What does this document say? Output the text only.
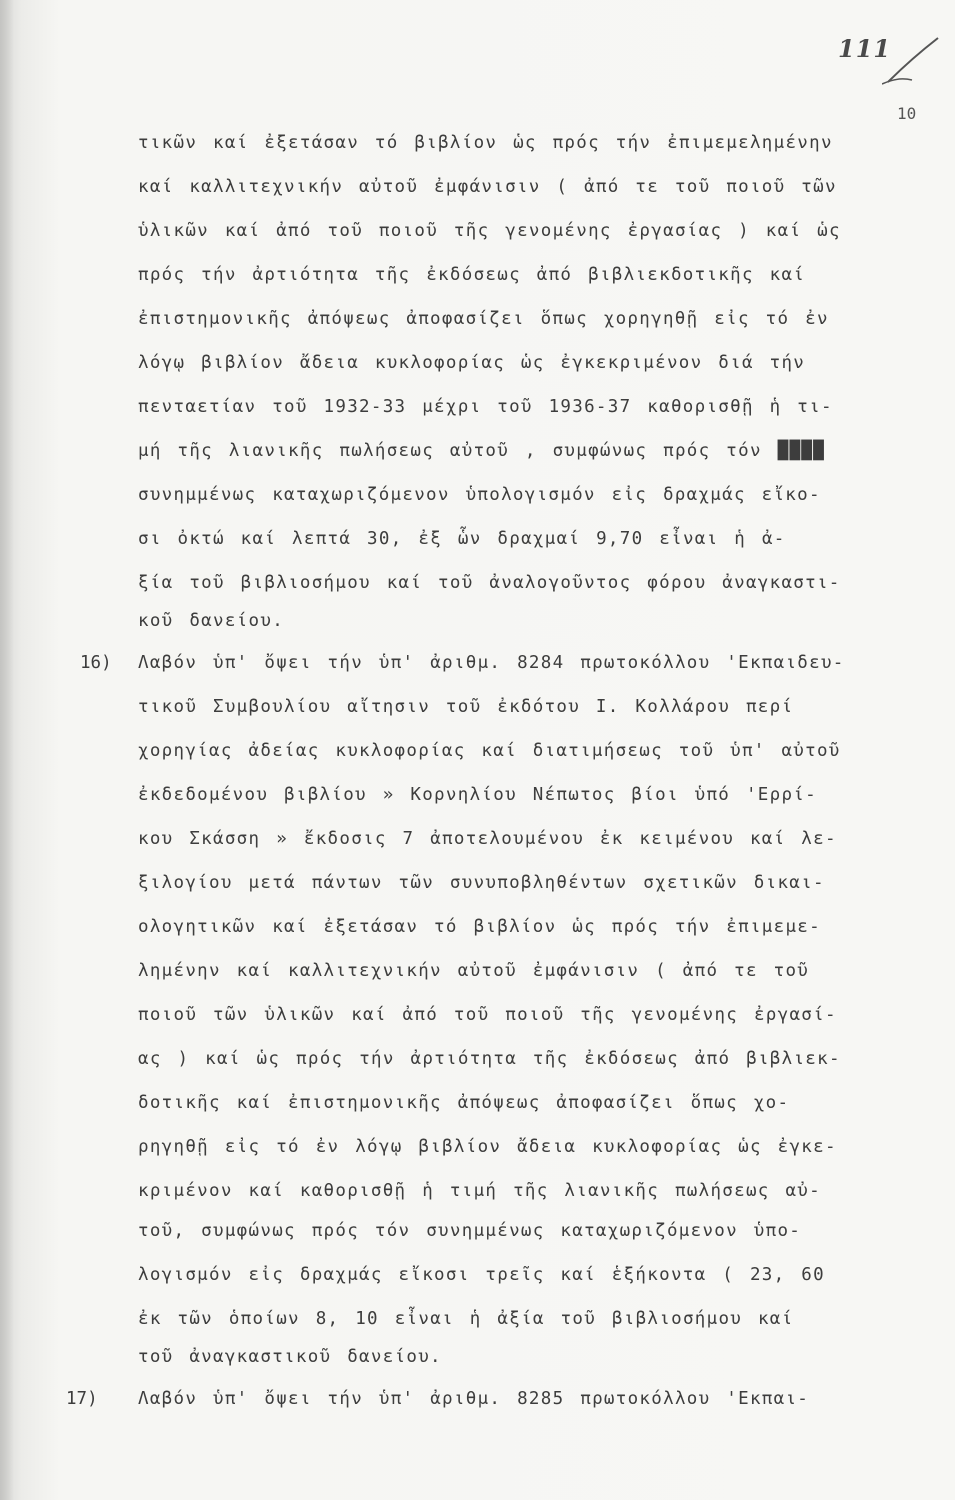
111
10
τικῶν καί ἐξετάσαν τό βιβλίον ὡς πρός τήν ἐπιμεμελημένην
καί καλλιτεχνικήν αὐτοῦ ἐμφάνισιν ( ἀπό τε τοῦ ποιοῦ τῶν
ὑλικῶν καί ἀπό τοῦ ποιοῦ τῆς γενομένης ἐργασίας ) καί ὡς
πρός τήν ἀρτιότητα τῆς ἐκδόσεως ἀπό βιβλιεκδοτικῆς καί
ἐπιστημονικῆς ἀπόψεως ἀποφασίζει ὅπως χορηγηθῇ εἰς τό ἐν
λόγῳ βιβλίον ἄδεια κυκλοφορίας ὡς ἐγκεκριμένον διά τήν
πενταετίαν τοῦ 1932-33 μέχρι τοῦ 1936-37 καθορισθῇ ἡ τι-
μή τῆς λιανικῆς πωλήσεως αὐτοῦ , συμφώνως πρός τόν ████
συνημμένως καταχωριζόμενον ὑπολογισμόν εἰς δραχμάς εἴκο-
σι ὀκτώ καί λεπτά 30, ἐξ ὧν δραχμαί 9,70 εἶναι ἡ ἀ-
ξία τοῦ βιβλιοσήμου καί τοῦ ἀναλογοῦντος φόρου ἀναγκαστι-
κοῦ δανείου.
16) Λαβόν ὑπ' ὄψει τήν ὑπ' ἀριθμ. 8284 πρωτοκόλλου 'Εκπαιδευ-
τικοῦ Συμβουλίου αἴτησιν τοῦ ἐκδότου Ι. Κολλάρου περί
χορηγίας ἀδείας κυκλοφορίας καί διατιμήσεως τοῦ ὑπ' αὐτοῦ
ἐκδεδομένου βιβλίου » Κορνηλίου Νέπωτος βίοι ὑπό 'Ερρί-
κου Σκάσση » ἔκδοσις 7 ἀποτελουμένου ἐκ κειμένου καί λε-
ξιλογίου μετά πάντων τῶν συνυποβληθέντων σχετικῶν δικαι-
ολογητικῶν καί ἐξετάσαν τό βιβλίον ὡς πρός τήν ἐπιμεμε-
λημένην καί καλλιτεχνικήν αὐτοῦ ἐμφάνισιν ( ἀπό τε τοῦ
ποιοῦ τῶν ὑλικῶν καί ἀπό τοῦ ποιοῦ τῆς γενομένης ἐργασί-
ας ) καί ὡς πρός τήν ἀρτιότητα τῆς ἐκδόσεως ἀπό βιβλιεκ-
δοτικῆς καί ἐπιστημονικῆς ἀπόψεως ἀποφασίζει ὅπως χο-
ρηγηθῇ εἰς τό ἐν λόγῳ βιβλίον ἄδεια κυκλοφορίας ὡς ἐγκε-
κριμένον καί καθορισθῇ ἡ τιμή τῆς λιανικῆς πωλήσεως αὐ-
τοῦ, συμφώνως πρός τόν συνημμένως καταχωριζόμενον ὑπο-
λογισμόν εἰς δραχμάς εἴκοσι τρεῖς καί ἑξήκοντα ( 23, 60
ἐκ τῶν ὁποίων 8, 10 εἶναι ἡ ἀξία τοῦ βιβλιοσήμου καί
τοῦ ἀναγκαστικοῦ δανείου.
17) Λαβόν ὑπ' ὄψει τήν ὑπ' ἀριθμ. 8285 πρωτοκόλλου 'Εκπαι-
